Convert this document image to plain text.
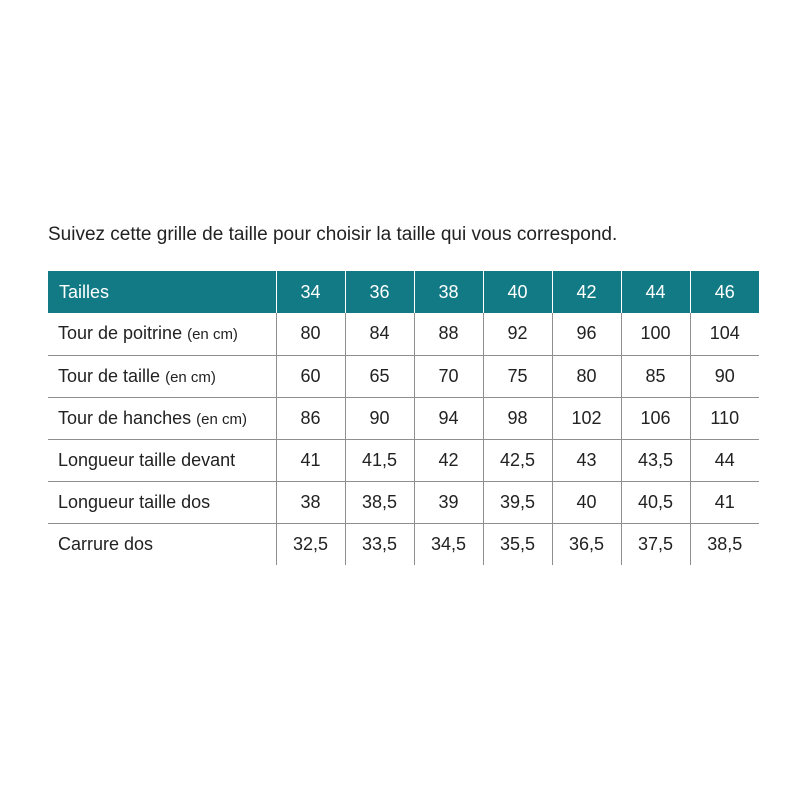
Suivez cette grille de taille pour choisir la taille qui vous correspond.
Tailles	34	36	38	40	42	44	46
Tour de poitrine (en cm)	80	84	88	92	96	100	104
Tour de taille (en cm)	60	65	70	75	80	85	90
Tour de hanches (en cm)	86	90	94	98	102	106	110
Longueur taille devant	41	41,5	42	42,5	43	43,5	44
Longueur taille dos	38	38,5	39	39,5	40	40,5	41
Carrure dos	32,5	33,5	34,5	35,5	36,5	37,5	38,5
